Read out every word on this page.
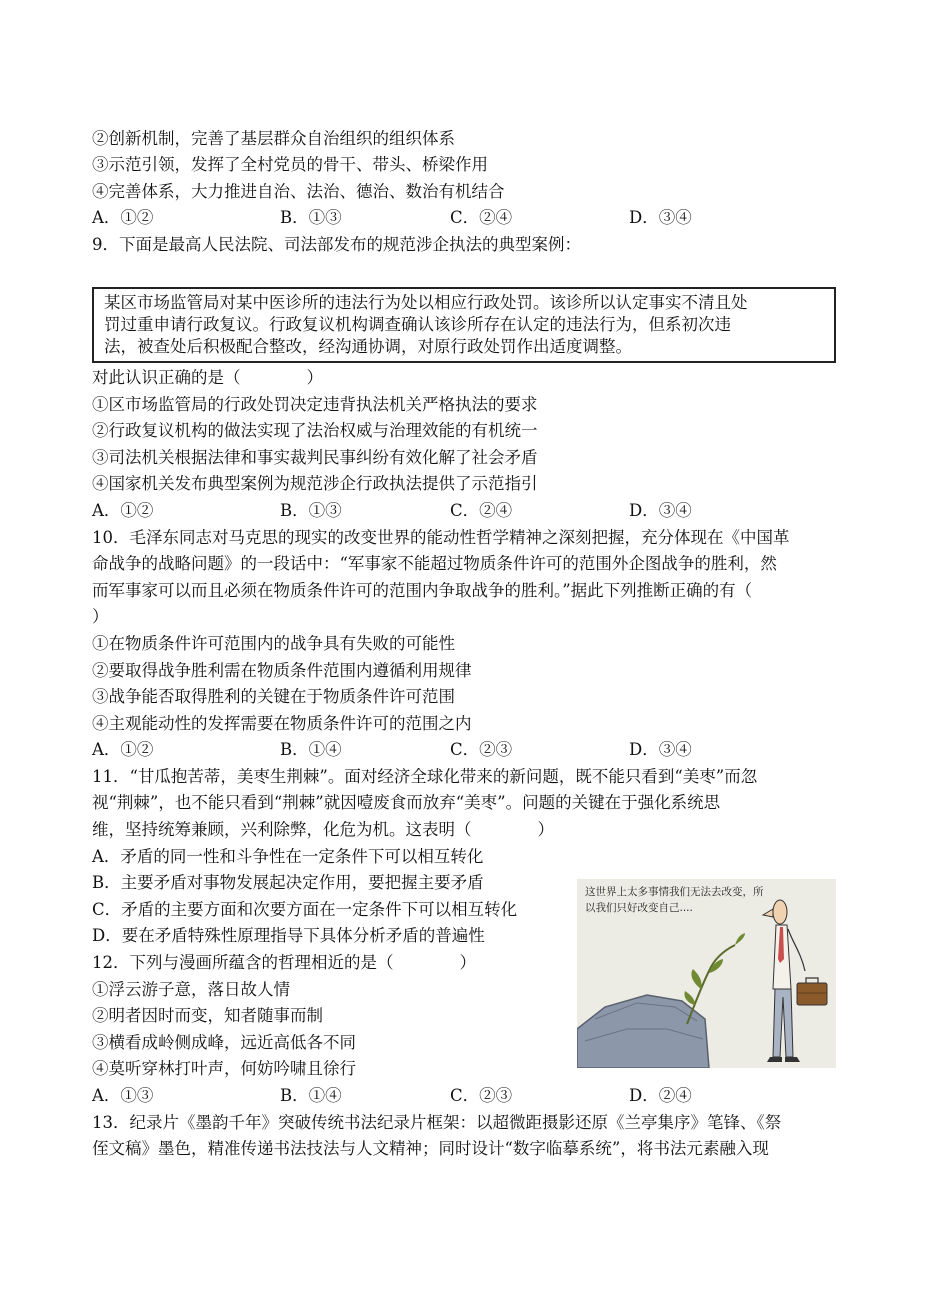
②创新机制，完善了基层群众自治组织的组织体系
③示范引领，发挥了全村党员的骨干、带头、桥梁作用
④完善体系，大力推进自治、法治、德治、数治有机结合
A．①②	B．①③	C．②④	D．③④
9．下面是最高人民法院、司法部发布的规范涉企执法的典型案例：
某区市场监管局对某中医诊所的违法行为处以相应行政处罚。该诊所以认定事实不清且处
罚过重申请行政复议。行政复议机构调查确认该诊所存在认定的违法行为，但系初次违
法，被查处后积极配合整改，经沟通协调，对原行政处罚作出适度调整。
对此认识正确的是（　　　　）
①区市场监管局的行政处罚决定违背执法机关严格执法的要求
②行政复议机构的做法实现了法治权威与治理效能的有机统一
③司法机关根据法律和事实裁判民事纠纷有效化解了社会矛盾
④国家机关发布典型案例为规范涉企行政执法提供了示范指引
A．①②	B．①③	C．②④	D．③④
10．毛泽东同志对马克思的现实的改变世界的能动性哲学精神之深刻把握，充分体现在《中国革
命战争的战略问题》的一段话中：“军事家不能超过物质条件许可的范围外企图战争的胜利，然
而军事家可以而且必须在物质条件许可的范围内争取战争的胜利。”据此下列推断正确的有（
）
①在物质条件许可范围内的战争具有失败的可能性
②要取得战争胜利需在物质条件范围内遵循利用规律
③战争能否取得胜利的关键在于物质条件许可范围
④主观能动性的发挥需要在物质条件许可的范围之内
A．①②	B．①④	C．②③	D．③④
11．“甘瓜抱苦蒂，美枣生荆棘”。面对经济全球化带来的新问题，既不能只看到“美枣”而忽
视“荆棘”，也不能只看到“荆棘”就因噎废食而放弃“美枣”。问题的关键在于强化系统思
维，坚持统筹兼顾，兴利除弊，化危为机。这表明（　　　　）
A．矛盾的同一性和斗争性在一定条件下可以相互转化
B．主要矛盾对事物发展起决定作用，要把握主要矛盾
C．矛盾的主要方面和次要方面在一定条件下可以相互转化
D．要在矛盾特殊性原理指导下具体分析矛盾的普遍性
12．下列与漫画所蕴含的哲理相近的是（　　　　）
①浮云游子意，落日故人情
②明者因时而变，知者随事而制
③横看成岭侧成峰，远近高低各不同
④莫听穿林打叶声，何妨吟啸且徐行
A．①③	B．①④	C．②③	D．②④
这世界上太多事情我们无法去改变，所
以我们只好改变自己....
13．纪录片《墨韵千年》突破传统书法纪录片框架：以超微距摄影还原《兰亭集序》笔锋、《祭
侄文稿》墨色，精准传递书法技法与人文精神；同时设计“数字临摹系统”，将书法元素融入现
